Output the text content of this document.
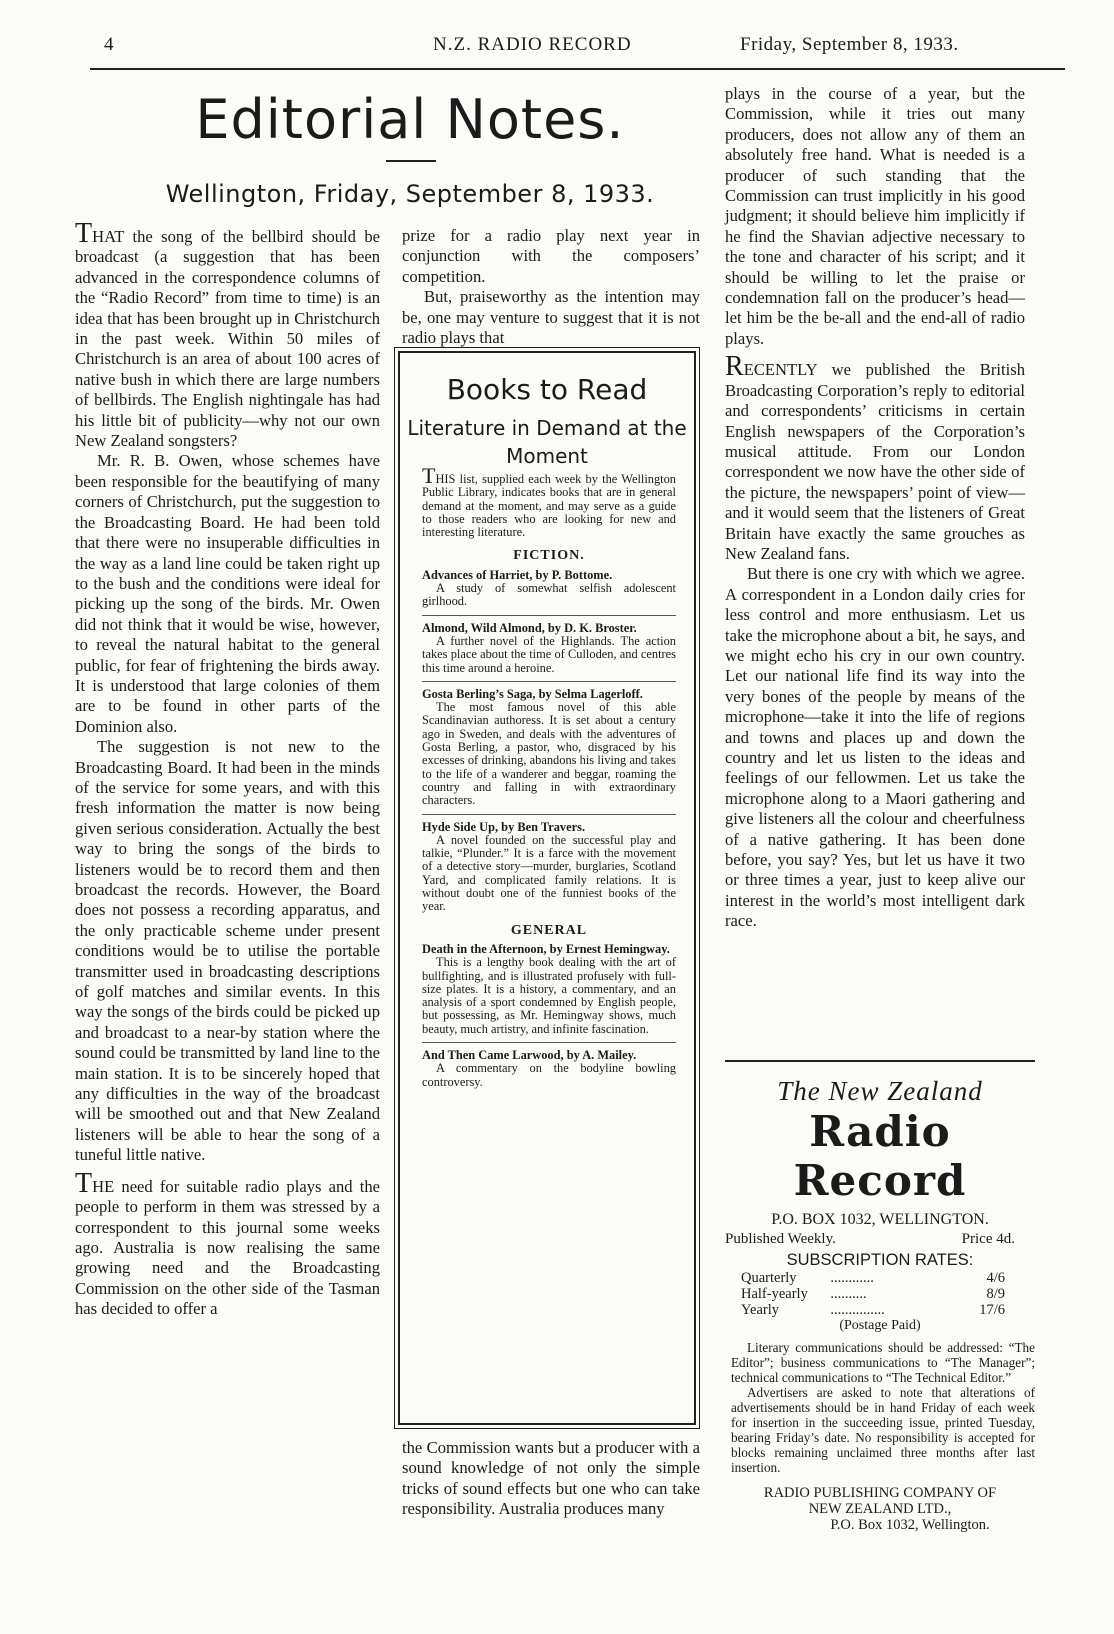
4	N.Z. RADIO RECORD	Friday, September 8, 1933.
Editorial Notes.
Wellington, Friday, September 8, 1933.

THAT the song of the bellbird should be broadcast (a suggestion that has been advanced in the correspondence columns of the “Radio Record” from time to time) is an idea that has been brought up in Christchurch in the past week. Within 50 miles of Christchurch is an area of about 100 acres of native bush in which there are large numbers of bellbirds. The English nightingale has had his little bit of publicity—why not our own New Zealand songsters?

Mr. R. B. Owen, whose schemes have been responsible for the beautifying of many corners of Christchurch, put the suggestion to the Broadcasting Board. He had been told that there were no insuperable difficulties in the way as a land line could be taken right up to the bush and the conditions were ideal for picking up the song of the birds. Mr. Owen did not think that it would be wise, however, to reveal the natural habitat to the general public, for fear of frightening the birds away. It is understood that large colonies of them are to be found in other parts of the Dominion also.

The suggestion is not new to the Broadcasting Board. It had been in the minds of the service for some years, and with this fresh information the matter is now being given serious consideration. Actually the best way to bring the songs of the birds to listeners would be to record them and then broadcast the records. However, the Board does not possess a recording apparatus, and the only practicable scheme under present conditions would be to utilise the portable transmitter used in broadcasting descriptions of golf matches and similar events. In this way the songs of the birds could be picked up and broadcast to a near-by station where the sound could be transmitted by land line to the main station. It is to be sincerely hoped that any difficulties in the way of the broadcast will be smoothed out and that New Zealand listeners will be able to hear the song of a tuneful little native.

THE need for suitable radio plays and the people to perform in them was stressed by a correspondent to this journal some weeks ago. Australia is now realising the same growing need and the Broadcasting Commission on the other side of the Tasman has decided to offer a

prize for a radio play next year in conjunction with the composers’ competition.

But, praiseworthy as the intention may be, one may venture to suggest that it is not radio plays that

Books to Read
Literature in Demand at the Moment

THIS list, supplied each week by the Wellington Public Library, indicates books that are in general demand at the moment, and may serve as a guide to those readers who are looking for new and interesting literature.

FICTION.

Advances of Harriet, by P. Bottome.

A study of somewhat selfish adolescent girlhood.

Almond, Wild Almond, by D. K. Broster.

A further novel of the Highlands. The action takes place about the time of Culloden, and centres this time around a heroine.

Gosta Berling’s Saga, by Selma Lagerloff.

The most famous novel of this able Scandinavian authoress. It is set about a century ago in Sweden, and deals with the adventures of Gosta Berling, a pastor, who, disgraced by his excesses of drinking, abandons his living and takes to the life of a wanderer and beggar, roaming the country and falling in with extraordinary characters.

Hyde Side Up, by Ben Travers.

A novel founded on the successful play and talkie, “Plunder.” It is a farce with the movement of a detective story—murder, burglaries, Scotland Yard, and complicated family relations. It is without doubt one of the funniest books of the year.

GENERAL

Death in the Afternoon, by Ernest Hemingway.

This is a lengthy book dealing with the art of bullfighting, and is illustrated profusely with full-size plates. It is a history, a commentary, and an analysis of a sport condemned by English people, but possessing, as Mr. Hemingway shows, much beauty, much artistry, and infinite fascination.

And Then Came Larwood, by A. Mailey.

A commentary on the bodyline bowling controversy.

the Commission wants but a producer with a sound knowledge of not only the simple tricks of sound effects but one who can take responsibility. Australia produces many

plays in the course of a year, but the Commission, while it tries out many producers, does not allow any of them an absolutely free hand. What is needed is a producer of such standing that the Commission can trust implicitly in his good judgment; it should believe him implicitly if he find the Shavian adjective necessary to the tone and character of his script; and it should be willing to let the praise or condemnation fall on the producer’s head—let him be the be-all and the end-all of radio plays.

RECENTLY we published the British Broadcasting Corporation’s reply to editorial and correspondents’ criticisms in certain English newspapers of the Corporation’s musical attitude. From our London correspondent we now have the other side of the picture, the newspapers’ point of view—and it would seem that the listeners of Great Britain have exactly the same grouches as New Zealand fans.

But there is one cry with which we agree. A correspondent in a London daily cries for less control and more enthusiasm. Let us take the microphone about a bit, he says, and we might echo his cry in our own country. Let our national life find its way into the very bones of the people by means of the microphone—take it into the life of regions and towns and places up and down the country and let us listen to the ideas and feelings of our fellowmen. Let us take the microphone along to a Maori gathering and give listeners all the colour and cheerfulness of a native gathering. It has been done before, you say? Yes, but let us have it two or three times a year, just to keep alive our interest in the world’s most intelligent dark race.

The New Zealand
Radio Record
P.O. BOX 1032, WELLINGTON.
Published Weekly.	Price 4d.
SUBSCRIPTION RATES:
Quarterly	............	4/6
Half-yearly	..........	8/9
Yearly	...............	17/6
(Postage Paid)

Literary communications should be addressed: “The Editor”; business communications to “The Manager”; technical communications to “The Technical Editor.”

Advertisers are asked to note that alterations of advertisements should be in hand Friday of each week for insertion in the succeeding issue, printed Tuesday, bearing Friday’s date. No responsibility is accepted for blocks remaining unclaimed three months after last insertion.

RADIO PUBLISHING COMPANY OF
NEW ZEALAND LTD.,
P.O. Box 1032, Wellington.
